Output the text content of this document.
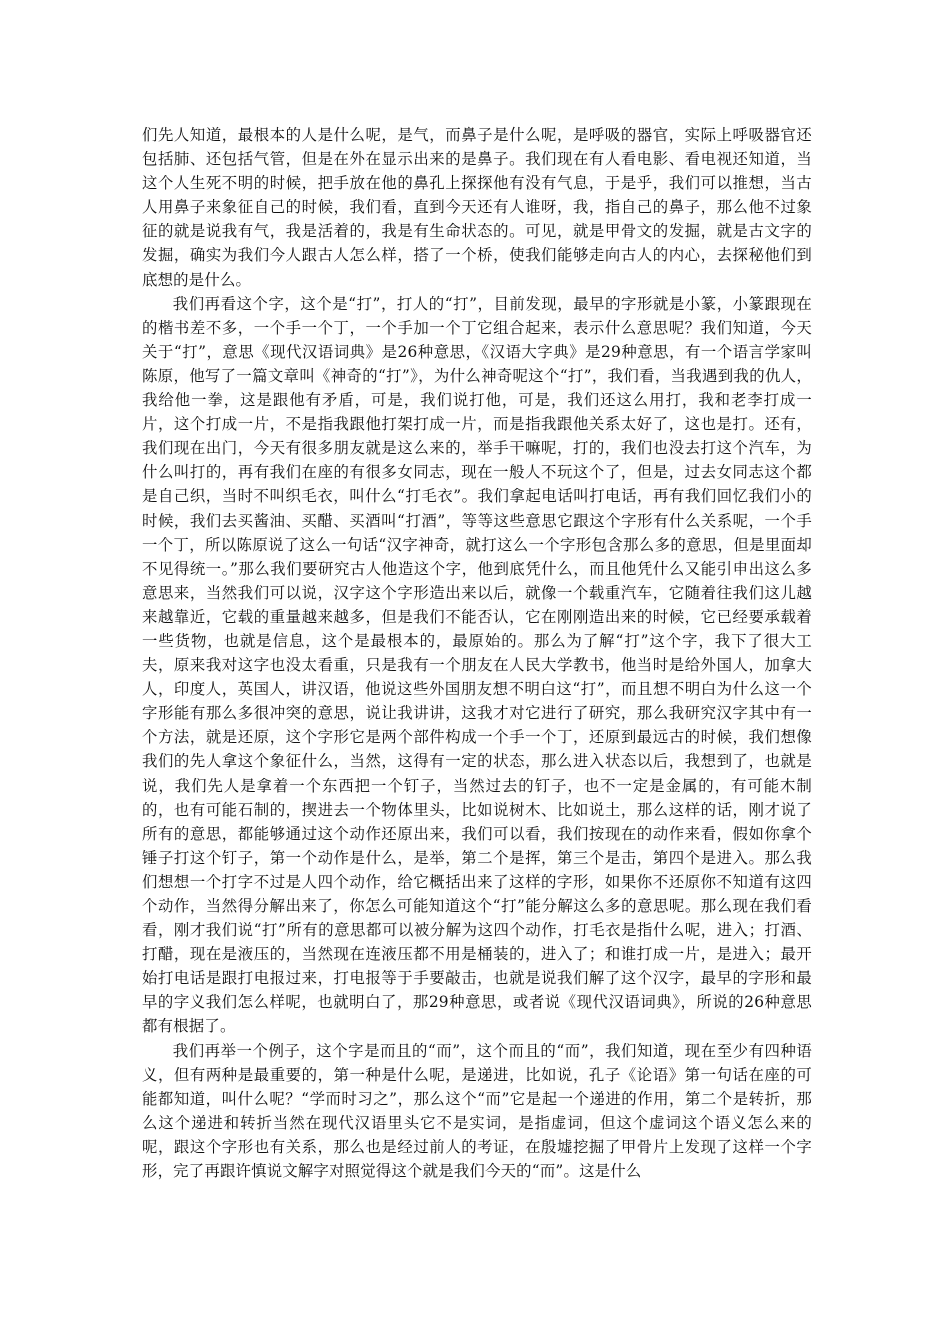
们先人知道，最根本的人是什么呢，是气，而鼻子是什么呢，是呼吸的器官，实际上呼吸器官还包括肺、还包括气管，但是在外在显示出来的是鼻子。我们现在有人看电影、看电视还知道，当这个人生死不明的时候，把手放在他的鼻孔上探探他有没有气息，于是乎，我们可以推想，当古人用鼻子来象征自己的时候，我们看，直到今天还有人谁呀，我，指自己的鼻子，那么他不过象征的就是说我有气，我是活着的，我是有生命状态的。可见，就是甲骨文的发掘，就是古文字的发掘，确实为我们今人跟古人怎么样，搭了一个桥，使我们能够走向古人的内心，去探秘他们到底想的是什么。

我们再看这个字，这个是“打”，打人的“打”，目前发现，最早的字形就是小篆，小篆跟现在的楷书差不多，一个手一个丁，一个手加一个丁它组合起来，表示什么意思呢？我们知道，今天关于“打”，意思《现代汉语词典》是26种意思，《汉语大字典》是29种意思，有一个语言学家叫陈原，他写了一篇文章叫《神奇的“打”》，为什么神奇呢这个“打”，我们看，当我遇到我的仇人，我给他一拳，这是跟他有矛盾，可是，我们说打他，可是，我们还这么用打，我和老李打成一片，这个打成一片，不是指我跟他打架打成一片，而是指我跟他关系太好了，这也是打。还有，我们现在出门，今天有很多朋友就是这么来的，举手干嘛呢，打的，我们也没去打这个汽车，为什么叫打的，再有我们在座的有很多女同志，现在一般人不玩这个了，但是，过去女同志这个都是自己织，当时不叫织毛衣，叫什么“打毛衣”。我们拿起电话叫打电话，再有我们回忆我们小的时候，我们去买酱油、买醋、买酒叫“打酒”，等等这些意思它跟这个字形有什么关系呢，一个手一个丁，所以陈原说了这么一句话“汉字神奇，就打这么一个字形包含那么多的意思，但是里面却不见得统一。”那么我们要研究古人他造这个字，他到底凭什么，而且他凭什么又能引申出这么多意思来，当然我们可以说，汉字这个字形造出来以后，就像一个载重汽车，它随着往我们这儿越来越靠近，它载的重量越来越多，但是我们不能否认，它在刚刚造出来的时候，它已经要承载着一些货物，也就是信息，这个是最根本的，最原始的。那么为了解“打”这个字，我下了很大工夫，原来我对这字也没太看重，只是我有一个朋友在人民大学教书，他当时是给外国人，加拿大人，印度人，英国人，讲汉语，他说这些外国朋友想不明白这“打”，而且想不明白为什么这一个字形能有那么多很冲突的意思，说让我讲讲，这我才对它进行了研究，那么我研究汉字其中有一个方法，就是还原，这个字形它是两个部件构成一个手一个丁，还原到最远古的时候，我们想像我们的先人拿这个象征什么，当然，这得有一定的状态，那么进入状态以后，我想到了，也就是说，我们先人是拿着一个东西把一个钉子，当然过去的钉子，也不一定是金属的，有可能木制的，也有可能石制的，揳进去一个物体里头，比如说树木、比如说土，那么这样的话，刚才说了所有的意思，都能够通过这个动作还原出来，我们可以看，我们按现在的动作来看，假如你拿个锤子打这个钉子，第一个动作是什么，是举，第二个是挥，第三个是击，第四个是进入。那么我们想想一个打字不过是人四个动作，给它概括出来了这样的字形，如果你不还原你不知道有这四个动作，当然得分解出来了，你怎么可能知道这个“打”能分解这么多的意思呢。那么现在我们看看，刚才我们说“打”所有的意思都可以被分解为这四个动作，打毛衣是指什么呢，进入；打酒、打醋，现在是液压的，当然现在连液压都不用是桶装的，进入了；和谁打成一片，是进入；最开始打电话是跟打电报过来，打电报等于手要敲击，也就是说我们解了这个汉字，最早的字形和最早的字义我们怎么样呢，也就明白了，那29种意思，或者说《现代汉语词典》，所说的26种意思都有根据了。

我们再举一个例子，这个字是而且的“而”，这个而且的“而”，我们知道，现在至少有四种语义，但有两种是最重要的，第一种是什么呢，是递进，比如说，孔子《论语》第一句话在座的可能都知道，叫什么呢？“学而时习之”，那么这个“而”它是起一个递进的作用，第二个是转折，那么这个递进和转折当然在现代汉语里头它不是实词，是指虚词，但这个虚词这个语义怎么来的呢，跟这个字形也有关系，那么也是经过前人的考证，在殷墟挖掘了甲骨片上发现了这样一个字形，完了再跟许慎说文解字对照觉得这个就是我们今天的“而”。这是什么
